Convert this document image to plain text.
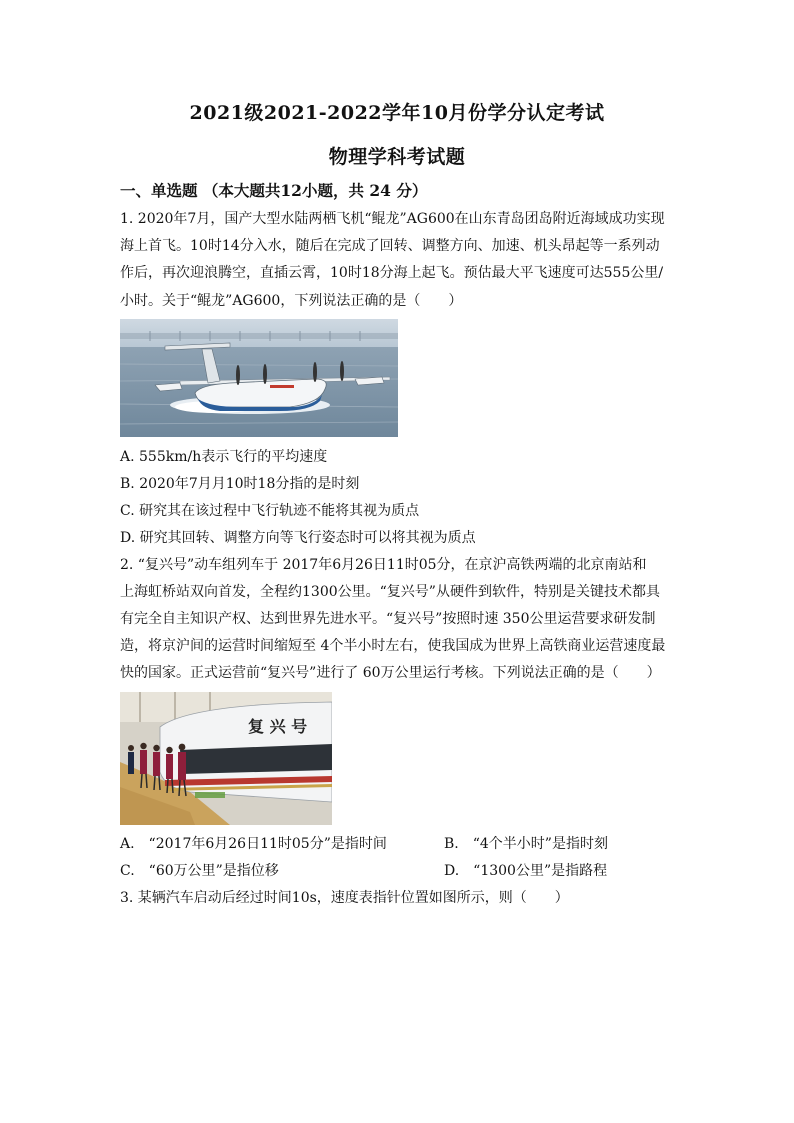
2021级2021-2022学年10月份学分认定考试
物理学科考试题
一、单选题 （本大题共12小题，共 24 分）
1. 2020年7月，国产大型水陆两栖飞机“鲲龙”AG600在山东青岛团岛附近海域成功实现
海上首飞。10时14分入水，随后在完成了回转、调整方向、加速、机头昂起等一系列动
作后，再次迎浪腾空，直插云霄，10时18分海上起飞。预估最大平飞速度可达555公里/
小时。关于“鲲龙”AG600，下列说法正确的是（　　）
A. 555km/h表示飞行的平均速度
B. 2020年7月月10时18分指的是时刻
C. 研究其在该过程中飞行轨迹不能将其视为质点
D. 研究其回转、调整方向等飞行姿态时可以将其视为质点
2. “复兴号”动车组列车于 2017年6月26日11时05分，在京沪高铁两端的北京南站和
上海虹桥站双向首发，全程约1300公里。“复兴号”从硬件到软件，特别是关键技术都具
有完全自主知识产权、达到世界先进水平。“复兴号”按照时速 350公里运营要求研发制
造，将京沪间的运营时间缩短至 4个半小时左右，使我国成为世界上高铁商业运营速度最
快的国家。正式运营前“复兴号”进行了 60万公里运行考核。下列说法正确的是（　　）
复 兴 号
A.　“2017年6月26日11时05分”是指时间	B.　“4个半小时”是指时刻
C.　“60万公里”是指位移	D.　“1300公里”是指路程
3. 某辆汽车启动后经过时间10s，速度表指针位置如图所示，则（　　）
